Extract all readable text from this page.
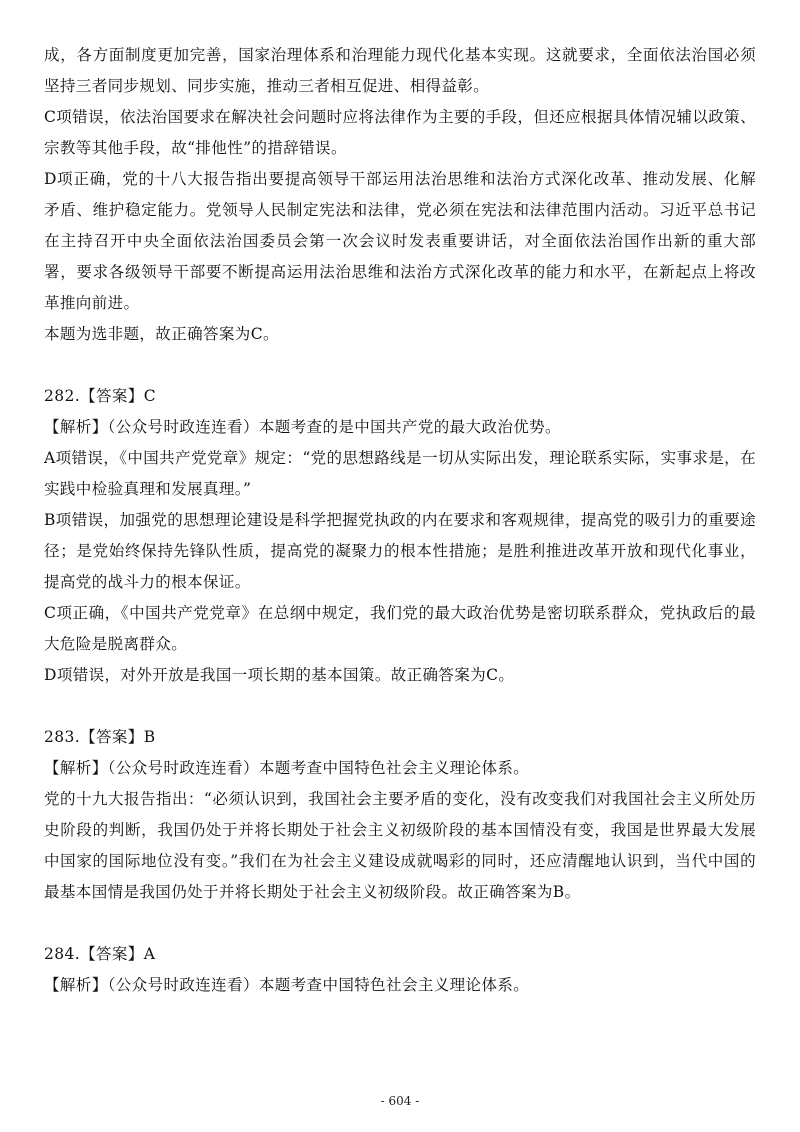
成，各方面制度更加完善，国家治理体系和治理能力现代化基本实现。这就要求，全面依法治国必须坚持三者同步规划、同步实施，推动三者相互促进、相得益彰。
C项错误，依法治国要求在解决社会问题时应将法律作为主要的手段，但还应根据具体情况辅以政策、宗教等其他手段，故“排他性”的措辞错误。
D项正确，党的十八大报告指出要提高领导干部运用法治思维和法治方式深化改革、推动发展、化解矛盾、维护稳定能力。党领导人民制定宪法和法律，党必须在宪法和法律范围内活动。习近平总书记在主持召开中央全面依法治国委员会第一次会议时发表重要讲话，对全面依法治国作出新的重大部署，要求各级领导干部要不断提高运用法治思维和法治方式深化改革的能力和水平，在新起点上将改革推向前进。
本题为选非题，故正确答案为C。
282.【答案】C
【解析】（公众号时政连连看）本题考查的是中国共产党的最大政治优势。
A项错误，《中国共产党党章》规定：“党的思想路线是一切从实际出发，理论联系实际，实事求是，在实践中检验真理和发展真理。”
B项错误，加强党的思想理论建设是科学把握党执政的内在要求和客观规律，提高党的吸引力的重要途径；是党始终保持先锋队性质，提高党的凝聚力的根本性措施；是胜利推进改革开放和现代化事业，提高党的战斗力的根本保证。
C项正确，《中国共产党党章》在总纲中规定，我们党的最大政治优势是密切联系群众，党执政后的最大危险是脱离群众。
D项错误，对外开放是我国一项长期的基本国策。故正确答案为C。
283.【答案】B
【解析】（公众号时政连连看）本题考查中国特色社会主义理论体系。
党的十九大报告指出：“必须认识到，我国社会主要矛盾的变化，没有改变我们对我国社会主义所处历史阶段的判断，我国仍处于并将长期处于社会主义初级阶段的基本国情没有变，我国是世界最大发展中国家的国际地位没有变。”我们在为社会主义建设成就喝彩的同时，还应清醒地认识到，当代中国的最基本国情是我国仍处于并将长期处于社会主义初级阶段。故正确答案为B。
284.【答案】A
【解析】（公众号时政连连看）本题考查中国特色社会主义理论体系。
- 604 -
